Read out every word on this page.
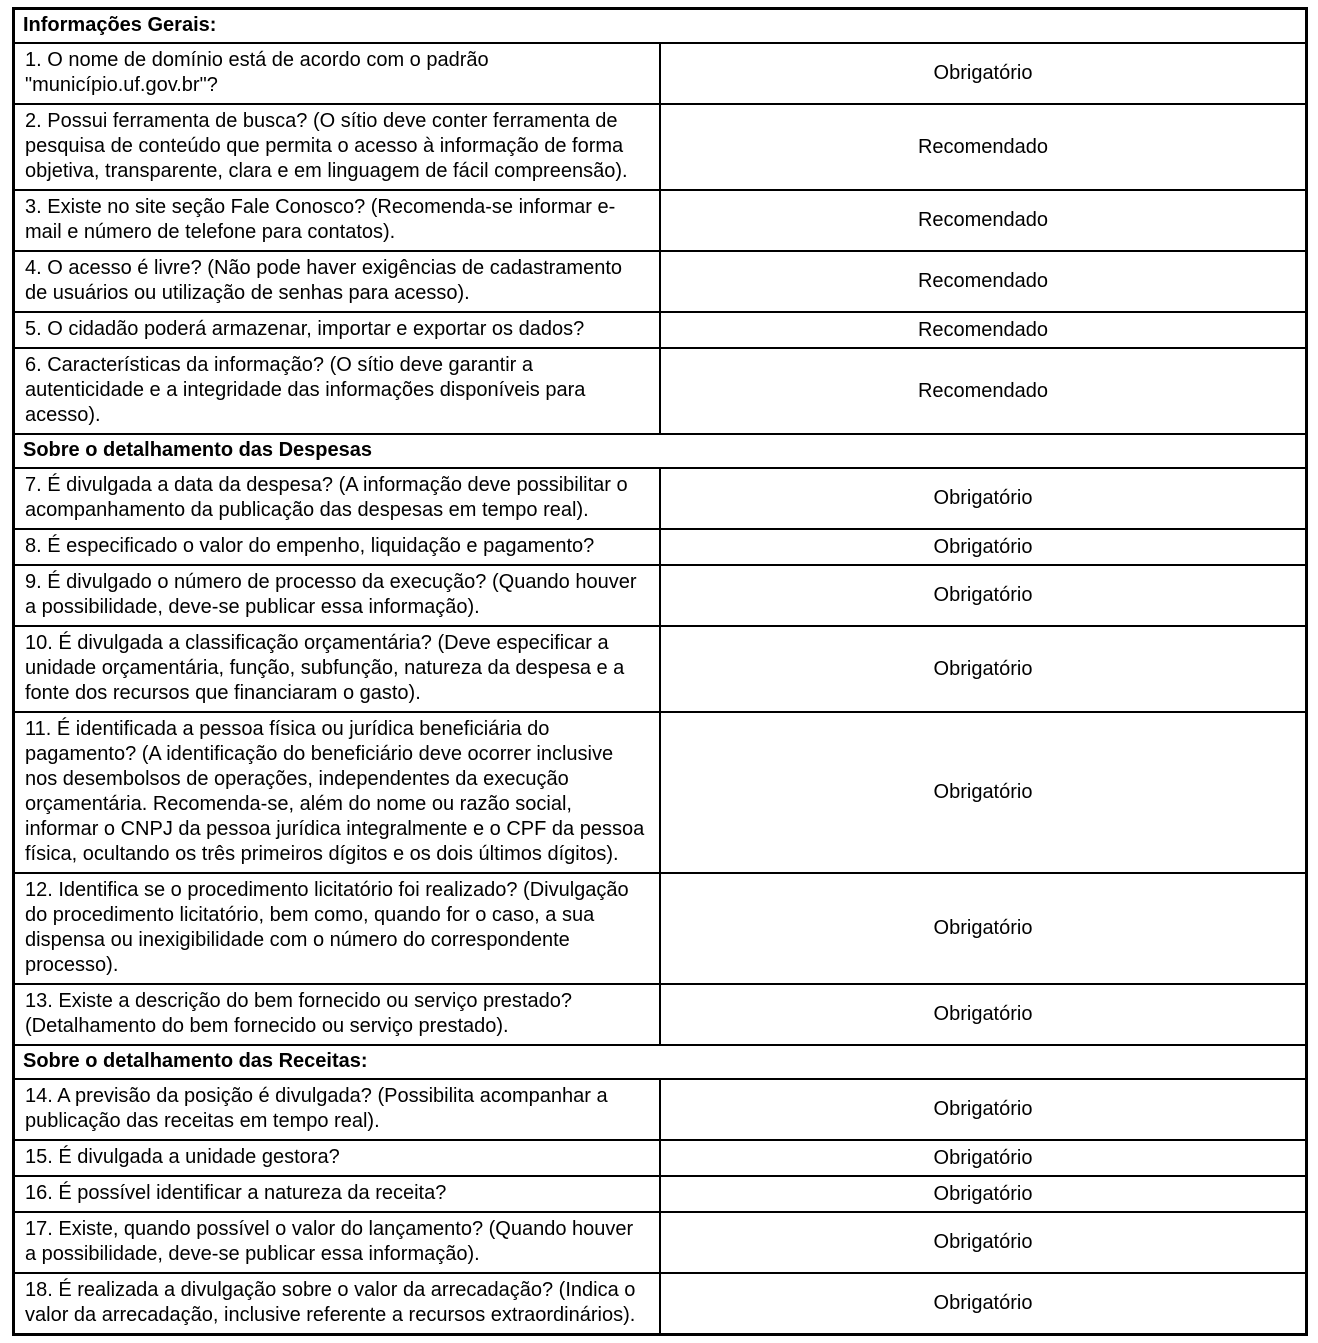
Informações Gerais:	
1. O nome de domínio está de acordo com o padrão "município.uf.gov.br"?	Obrigatório
2. Possui ferramenta de busca? (O sítio deve conter ferramenta de pesquisa de conteúdo que permita o acesso à informação de forma objetiva, transparente, clara e em linguagem de fácil compreensão).	Recomendado
3. Existe no site seção Fale Conosco? (Recomenda-se informar e-mail e número de telefone para contatos).	Recomendado
4. O acesso é livre? (Não pode haver exigências de cadastramento de usuários ou utilização de senhas para acesso).	Recomendado
5. O cidadão poderá armazenar, importar e exportar os dados?	Recomendado
6. Características da informação? (O sítio deve garantir a autenticidade e a integridade das informações disponíveis para acesso).	Recomendado
Sobre o detalhamento das Despesas	
7. É divulgada a data da despesa? (A informação deve possibilitar o acompanhamento da publicação das despesas em tempo real).	Obrigatório
8. É especificado o valor do empenho, liquidação e pagamento?	Obrigatório
9. É divulgado o número de processo da execução? (Quando houver a possibilidade, deve-se publicar essa informação).	Obrigatório
10. É divulgada a classificação orçamentária? (Deve especificar a unidade orçamentária, função, subfunção, natureza da despesa e a fonte dos recursos que financiaram o gasto).	Obrigatório
11. É identificada a pessoa física ou jurídica beneficiária do pagamento? (A identificação do beneficiário deve ocorrer inclusive nos desembolsos de operações, independentes da execução orçamentária. Recomenda-se, além do nome ou razão social, informar o CNPJ da pessoa jurídica integralmente e o CPF da pessoa física, ocultando os três primeiros dígitos e os dois últimos dígitos).	Obrigatório
12. Identifica se o procedimento licitatório foi realizado? (Divulgação do procedimento licitatório, bem como, quando for o caso, a sua dispensa ou inexigibilidade com o número do correspondente processo).	Obrigatório
13. Existe a descrição do bem fornecido ou serviço prestado? (Detalhamento do bem fornecido ou serviço prestado).	Obrigatório
Sobre o detalhamento das Receitas:	
14. A previsão da posição é divulgada? (Possibilita acompanhar a publicação das receitas em tempo real).	Obrigatório
15. É divulgada a unidade gestora?	Obrigatório
16. É possível identificar a natureza da receita?	Obrigatório
17. Existe, quando possível o valor do lançamento? (Quando houver a possibilidade, deve-se publicar essa informação).	Obrigatório
18. É realizada a divulgação sobre o valor da arrecadação? (Indica o valor da arrecadação, inclusive referente a recursos extraordinários).	Obrigatório
